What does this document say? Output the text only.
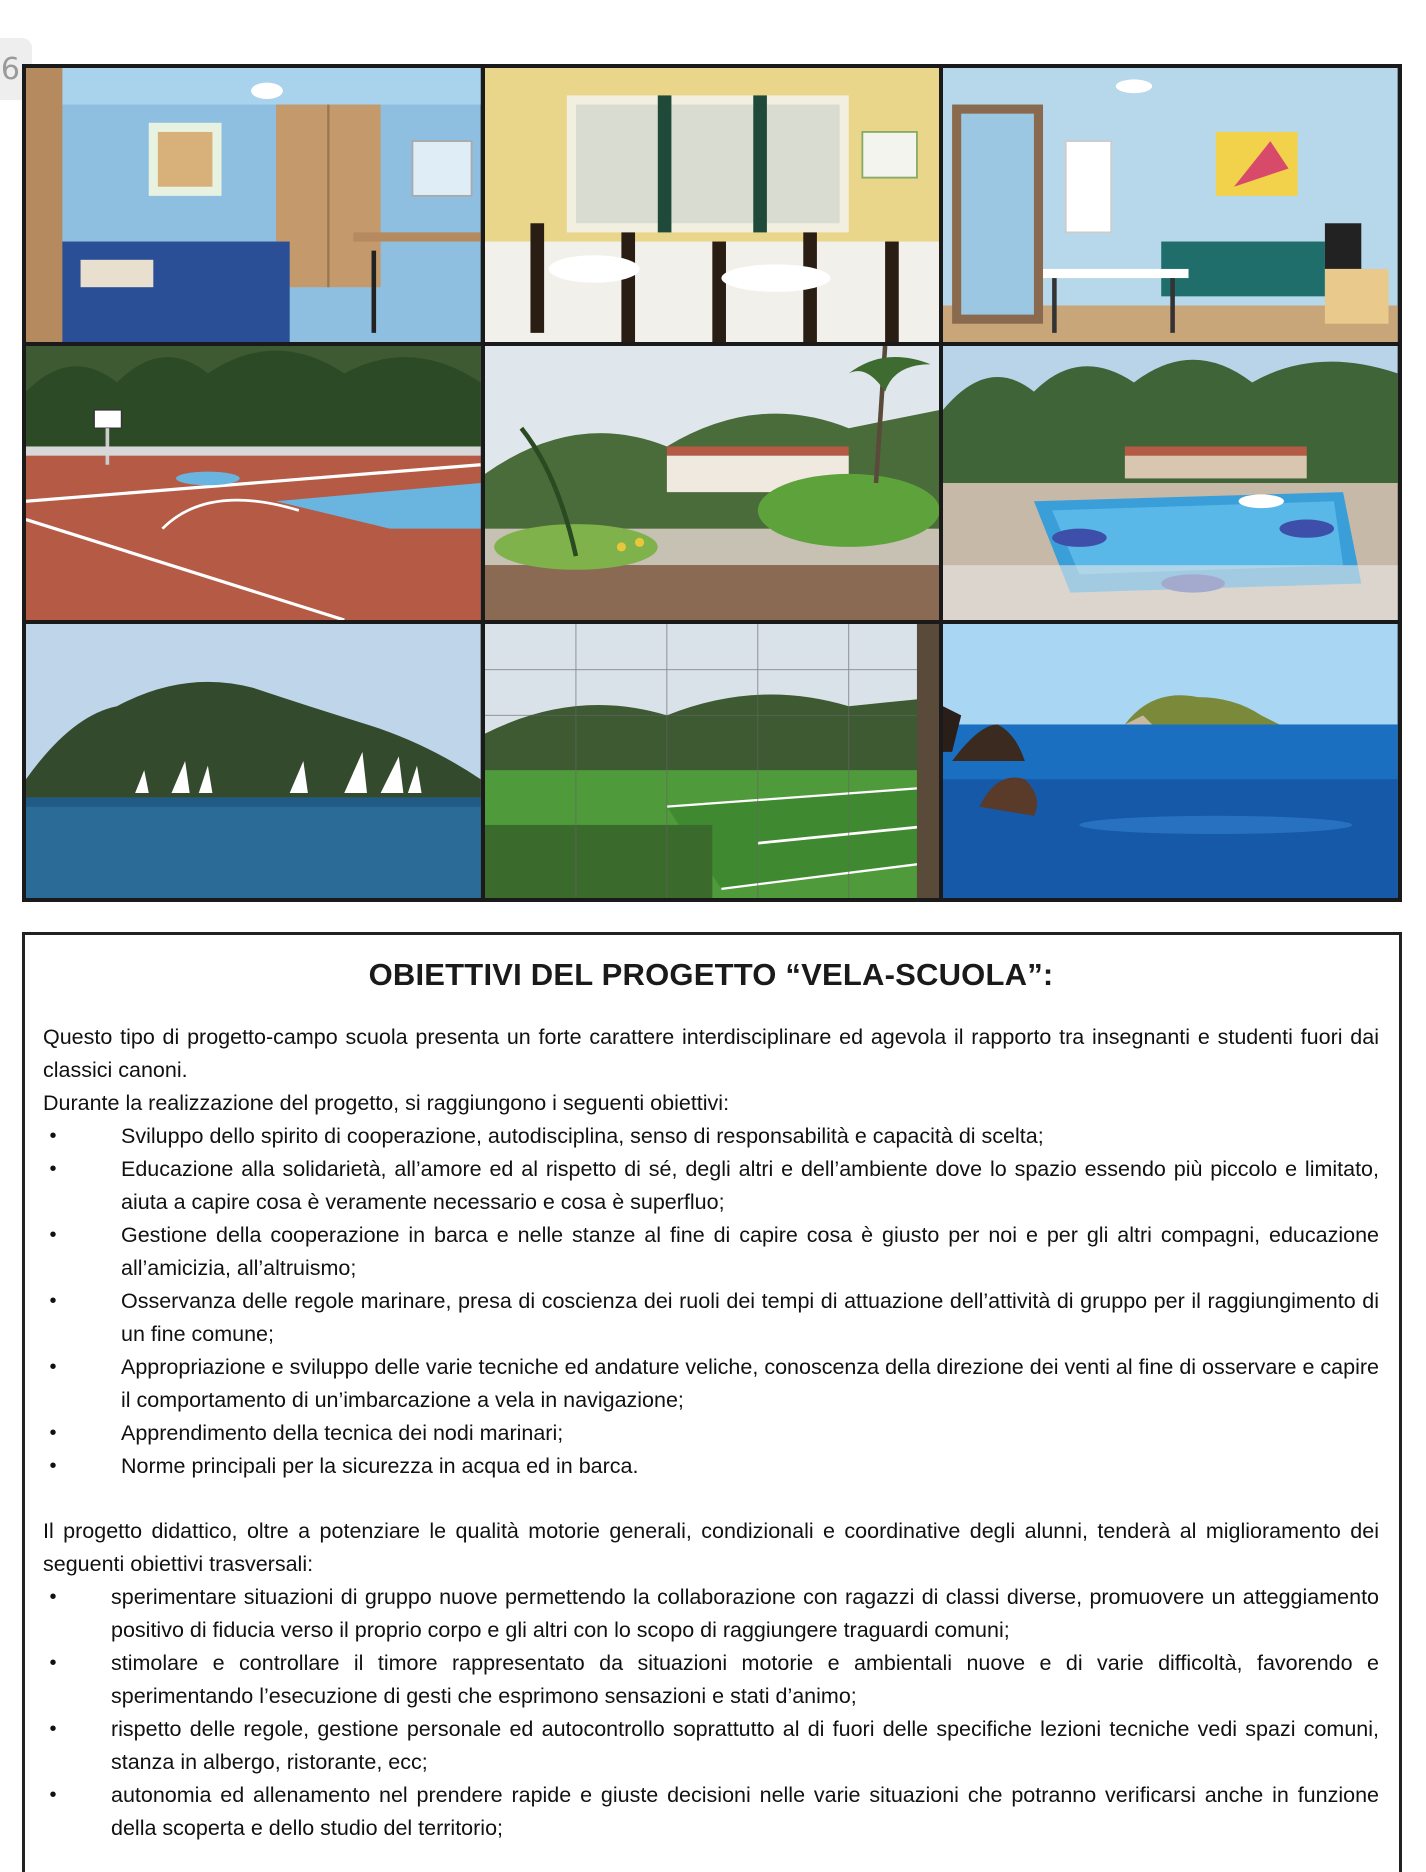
6
OBIETTIVI DEL PROGETTO “VELA-SCUOLA”:

Questo tipo di progetto-campo scuola presenta un forte carattere interdisciplinare ed agevola il rapporto tra insegnanti e studenti fuori dai classici canoni.

Durante la realizzazione del progetto, si raggiungono i seguenti obiettivi:

•	Sviluppo dello spirito di cooperazione, autodisciplina, senso di responsabilità e capacità di scelta;
•	Educazione alla solidarietà, all’amore ed al rispetto di sé, degli altri e dell’ambiente dove lo spazio essendo più piccolo e limitato, aiuta a capire cosa è veramente necessario e cosa è superfluo;
•	Gestione della cooperazione in barca e nelle stanze al fine di capire cosa è giusto per noi e per gli altri compagni, educazione all’amicizia, all’altruismo;
•	Osservanza delle regole marinare, presa di coscienza dei ruoli dei tempi di attuazione dell’attività di gruppo per il raggiungimento di un fine comune;
•	Appropriazione e sviluppo delle varie tecniche ed andature veliche, conoscenza della direzione dei venti al fine di osservare e capire il comportamento di un’imbarcazione a vela in navigazione;
•	Apprendimento della tecnica dei nodi marinari;
•	Norme principali per la sicurezza in acqua ed in barca.

Il progetto didattico, oltre a potenziare le qualità motorie generali, condizionali e coordinative degli alunni, tenderà al miglioramento dei seguenti obiettivi trasversali:

•	sperimentare situazioni di gruppo nuove permettendo la collaborazione con ragazzi di classi diverse, promuovere un atteggiamento positivo di fiducia verso il proprio corpo e gli altri con lo scopo di raggiungere traguardi comuni;
•	stimolare e controllare il timore rappresentato da situazioni motorie e ambientali nuove e di varie difficoltà, favorendo e sperimentando l’esecuzione di gesti che esprimono sensazioni e stati d’animo;
•	rispetto delle regole, gestione personale ed autocontrollo soprattutto al di fuori delle specifiche lezioni tecniche vedi spazi comuni, stanza in albergo, ristorante, ecc;
•	autonomia ed allenamento nel prendere rapide e giuste decisioni nelle varie situazioni che potranno verificarsi anche in funzione della scoperta e dello studio del territorio;
